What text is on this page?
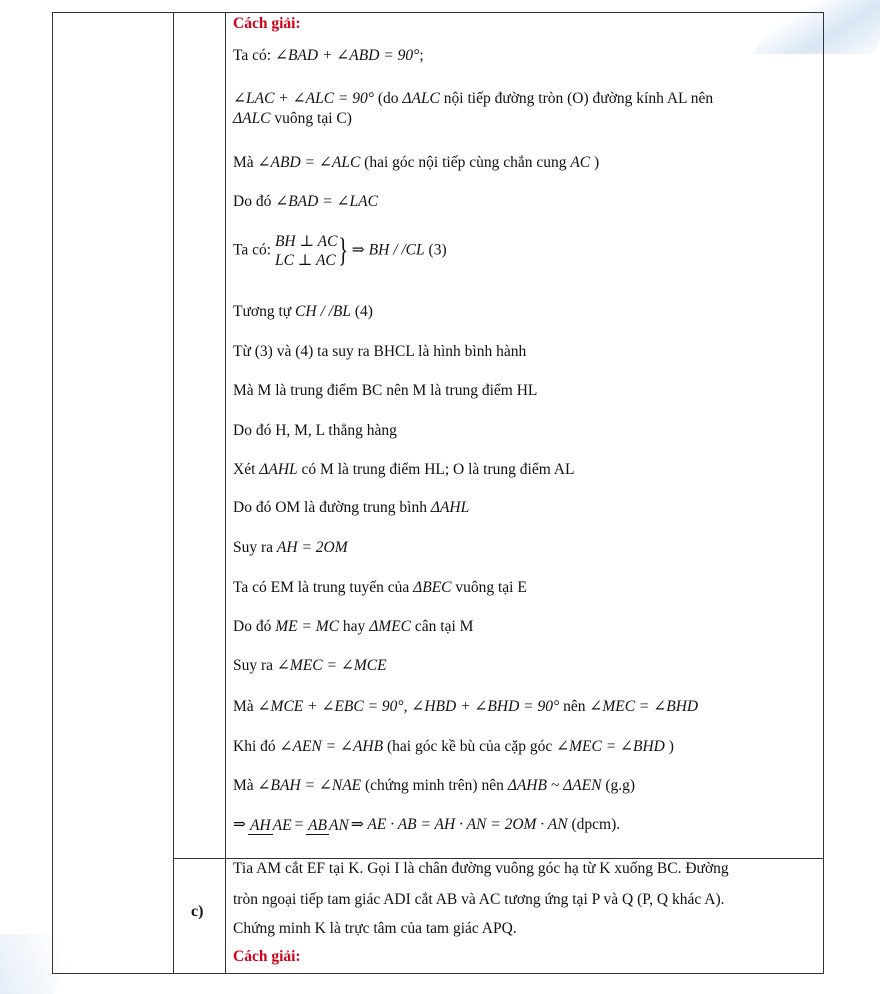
Cách giải:
Ta có: ∠BAD + ∠ABD = 90°;
∠LAC + ∠ALC = 90° (do ΔALC nội tiếp đường tròn (O) đường kính AL nên
ΔALC vuông tại C)
Mà ∠ABD = ∠ALC (hai góc nội tiếp cùng chắn cung AC )
Do đó ∠BAD = ∠LAC
Ta có:
BH ⊥ AC
LC ⊥ AC } ⇒ BH / /CL (3)
Tương tự CH / /BL (4)
Từ (3) và (4) ta suy ra BHCL là hình bình hành
Mà M là trung điểm BC nên M là trung điểm HL
Do đó H, M, L thẳng hàng
Xét ΔAHL có M là trung điểm HL; O là trung điểm AL
Do đó OM là đường trung bình ΔAHL
Suy ra AH = 2OM
Ta có EM là trung tuyến của ΔBEC vuông tại E
Do đó ME = MC hay ΔMEC cân tại M
Suy ra ∠MEC = ∠MCE
Mà ∠MCE + ∠EBC = 90°, ∠HBD + ∠BHD = 90° nên ∠MEC = ∠BHD
Khi đó ∠AEN = ∠AHB (hai góc kề bù của cặp góc ∠MEC = ∠BHD )
Mà ∠BAH = ∠NAE (chứng minh trên) nên ΔAHB ~ ΔAEN (g.g)
⇒ AH AE = AB AN ⇒ AE · AB = AH · AN = 2OM · AN (dpcm).
c)
Tia AM cắt EF tại K. Gọi I là chân đường vuông góc hạ từ K xuống BC. Đường
tròn ngoại tiếp tam giác ADI cắt AB và AC tương ứng tại P và Q (P, Q khác A).
Chứng minh K là trực tâm của tam giác APQ.
Cách giải:
